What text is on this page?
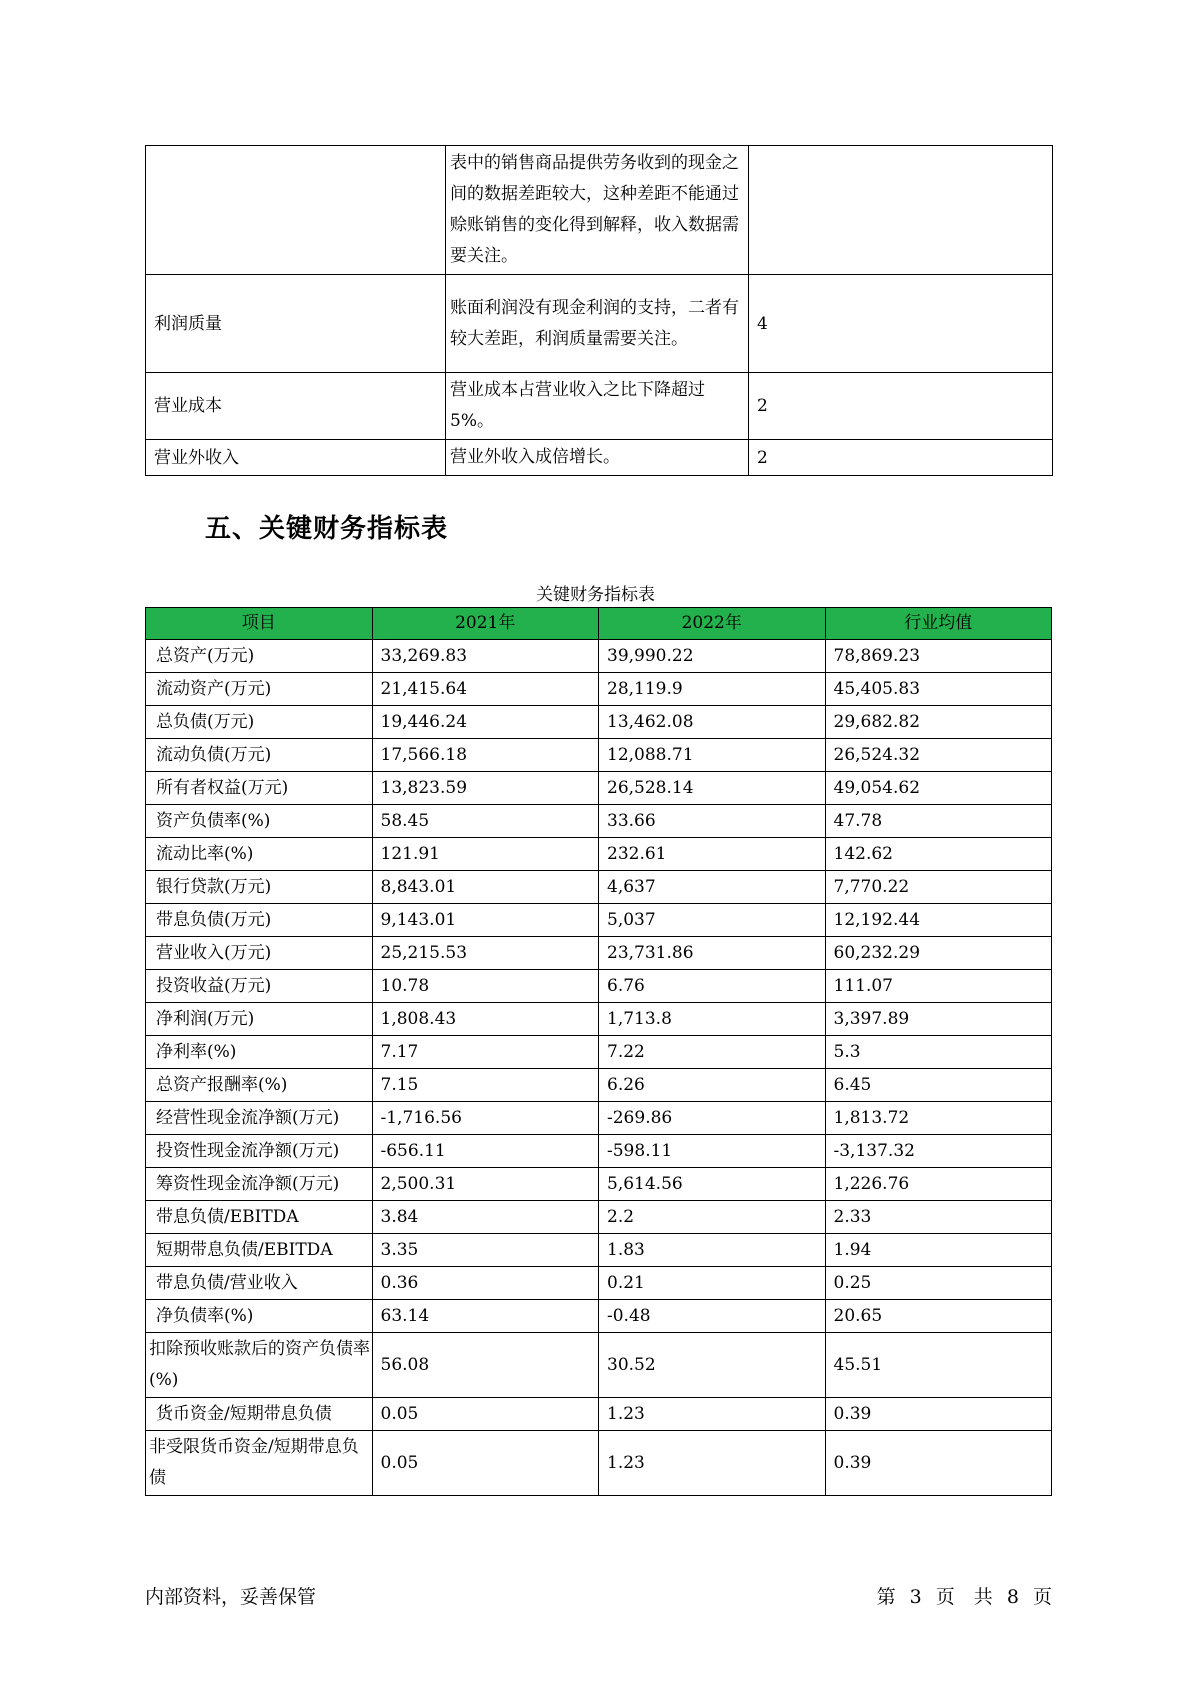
	表中的销售商品提供劳务收到的现金之间的数据差距较大，这种差距不能通过赊账销售的变化得到解释，收入数据需要关注。	
利润质量	账面利润没有现金利润的支持，二者有较大差距，利润质量需要关注。	4
营业成本	营业成本占营业收入之比下降超过5%。	2
营业外收入	营业外收入成倍增长。	2
五、关键财务指标表
关键财务指标表
项目	2021年	2022年	行业均值
总资产(万元)	33,269.83	39,990.22	78,869.23
流动资产(万元)	21,415.64	28,119.9	45,405.83
总负债(万元)	19,446.24	13,462.08	29,682.82
流动负债(万元)	17,566.18	12,088.71	26,524.32
所有者权益(万元)	13,823.59	26,528.14	49,054.62
资产负债率(%)	58.45	33.66	47.78
流动比率(%)	121.91	232.61	142.62
银行贷款(万元)	8,843.01	4,637	7,770.22
带息负债(万元)	9,143.01	5,037	12,192.44
营业收入(万元)	25,215.53	23,731.86	60,232.29
投资收益(万元)	10.78	6.76	111.07
净利润(万元)	1,808.43	1,713.8	3,397.89
净利率(%)	7.17	7.22	5.3
总资产报酬率(%)	7.15	6.26	6.45
经营性现金流净额(万元)	-1,716.56	-269.86	1,813.72
投资性现金流净额(万元)	-656.11	-598.11	-3,137.32
筹资性现金流净额(万元)	2,500.31	5,614.56	1,226.76
带息负债/EBITDA	3.84	2.2	2.33
短期带息负债/EBITDA	3.35	1.83	1.94
带息负债/营业收入	0.36	0.21	0.25
净负债率(%)	63.14	-0.48	20.65
扣除预收账款后的资产负债率(%)	56.08	30.52	45.51
货币资金/短期带息负债	0.05	1.23	0.39
非受限货币资金/短期带息负债	0.05	1.23	0.39
内部资料，妥善保管	第 3 页　共 8 页
